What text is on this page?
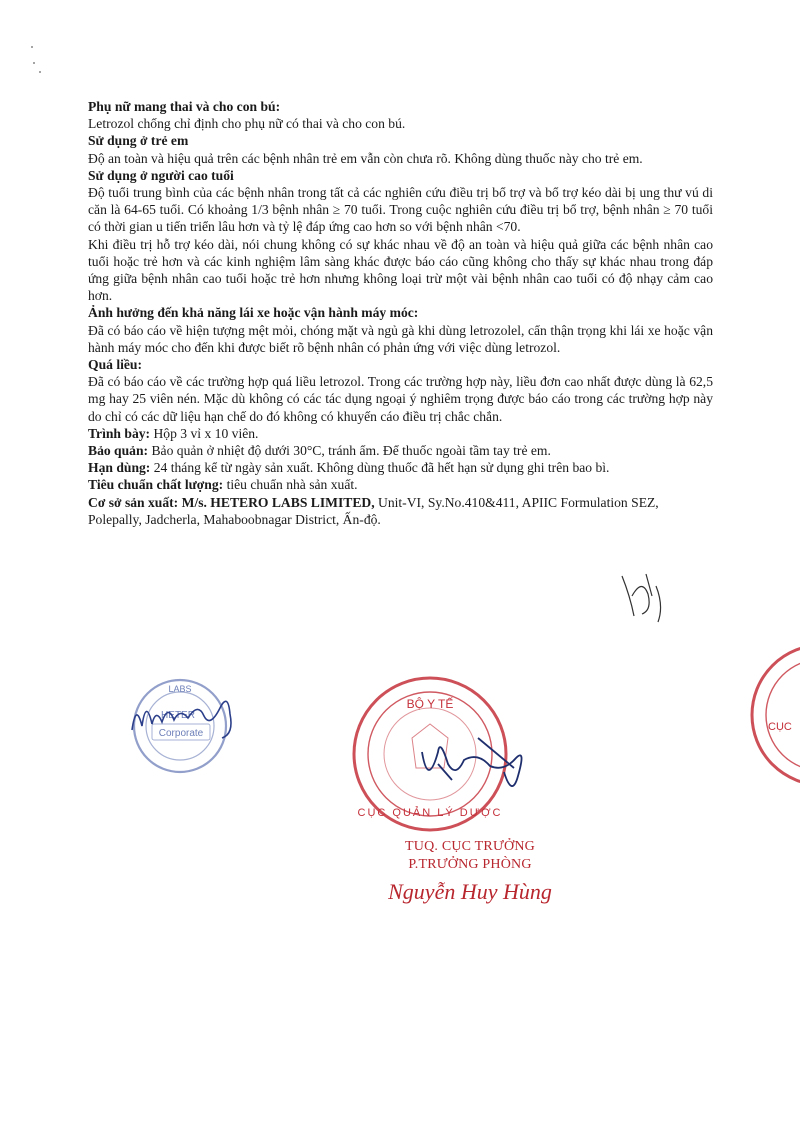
Phụ nữ mang thai và cho con bú:

Letrozol chống chỉ định cho phụ nữ có thai và cho con bú.

Sử dụng ở trẻ em

Độ an toàn và hiệu quả trên các bệnh nhân trẻ em vẫn còn chưa rõ. Không dùng thuốc này cho trẻ em.

Sử dụng ở người cao tuổi

Độ tuổi trung bình của các bệnh nhân trong tất cả các nghiên cứu điều trị bổ trợ và bổ trợ kéo dài bị ung thư vú di căn là 64-65 tuổi. Có khoảng 1/3 bệnh nhân ≥ 70 tuổi. Trong cuộc nghiên cứu điều trị bổ trợ, bệnh nhân ≥ 70 tuổi có thời gian u tiến triển lâu hơn và tỷ lệ đáp ứng cao hơn so với bệnh nhân <70.

Khi điều trị hỗ trợ kéo dài, nói chung không có sự khác nhau về độ an toàn và hiệu quả giữa các bệnh nhân cao tuổi hoặc trẻ hơn và các kinh nghiệm lâm sàng khác được báo cáo cũng không cho thấy sự khác nhau trong đáp ứng giữa bệnh nhân cao tuổi hoặc trẻ hơn nhưng không loại trừ một vài bệnh nhân cao tuổi có độ nhạy cảm cao hơn.

Ảnh hưởng đến khả năng lái xe hoặc vận hành máy móc:

Đã có báo cáo về hiện tượng mệt mỏi, chóng mặt và ngủ gà khi dùng letrozolel, cẩn thận trọng khi lái xe hoặc vận hành máy móc cho đến khi được biết rõ bệnh nhân có phản ứng với việc dùng letrozol.

Quá liều:

Đã có báo cáo về các trường hợp quá liều letrozol. Trong các trường hợp này, liều đơn cao nhất được dùng là 62,5 mg hay 25 viên nén. Mặc dù không có các tác dụng ngoại ý nghiêm trọng được báo cáo trong các trường hợp này do chỉ có các dữ liệu hạn chế do đó không có khuyến cáo điều trị chắc chắn.

Trình bày: Hộp 3 vỉ x 10 viên.

Bảo quản: Bảo quản ở nhiệt độ dưới 30°C, tránh ẩm. Để thuốc ngoài tầm tay trẻ em.

Hạn dùng: 24 tháng kể từ ngày sản xuất. Không dùng thuốc đã hết hạn sử dụng ghi trên bao bì.

Tiêu chuẩn chất lượng: tiêu chuẩn nhà sản xuất.

Cơ sở sản xuất: M/s. HETERO LABS LIMITED, Unit-VI, Sy.No.410&411, APIIC Formulation SEZ, Polepally, Jadcherla, Mahaboobnagar District, Ấn-độ.

LABS
HETER
Corporate
BỘ Y TẾ
CỤC QUẢN LÝ DƯỢC
CỤC
TUQ. CỤC TRƯỞNG
P.TRƯỞNG PHÒNG
Nguyễn Huy Hùng
